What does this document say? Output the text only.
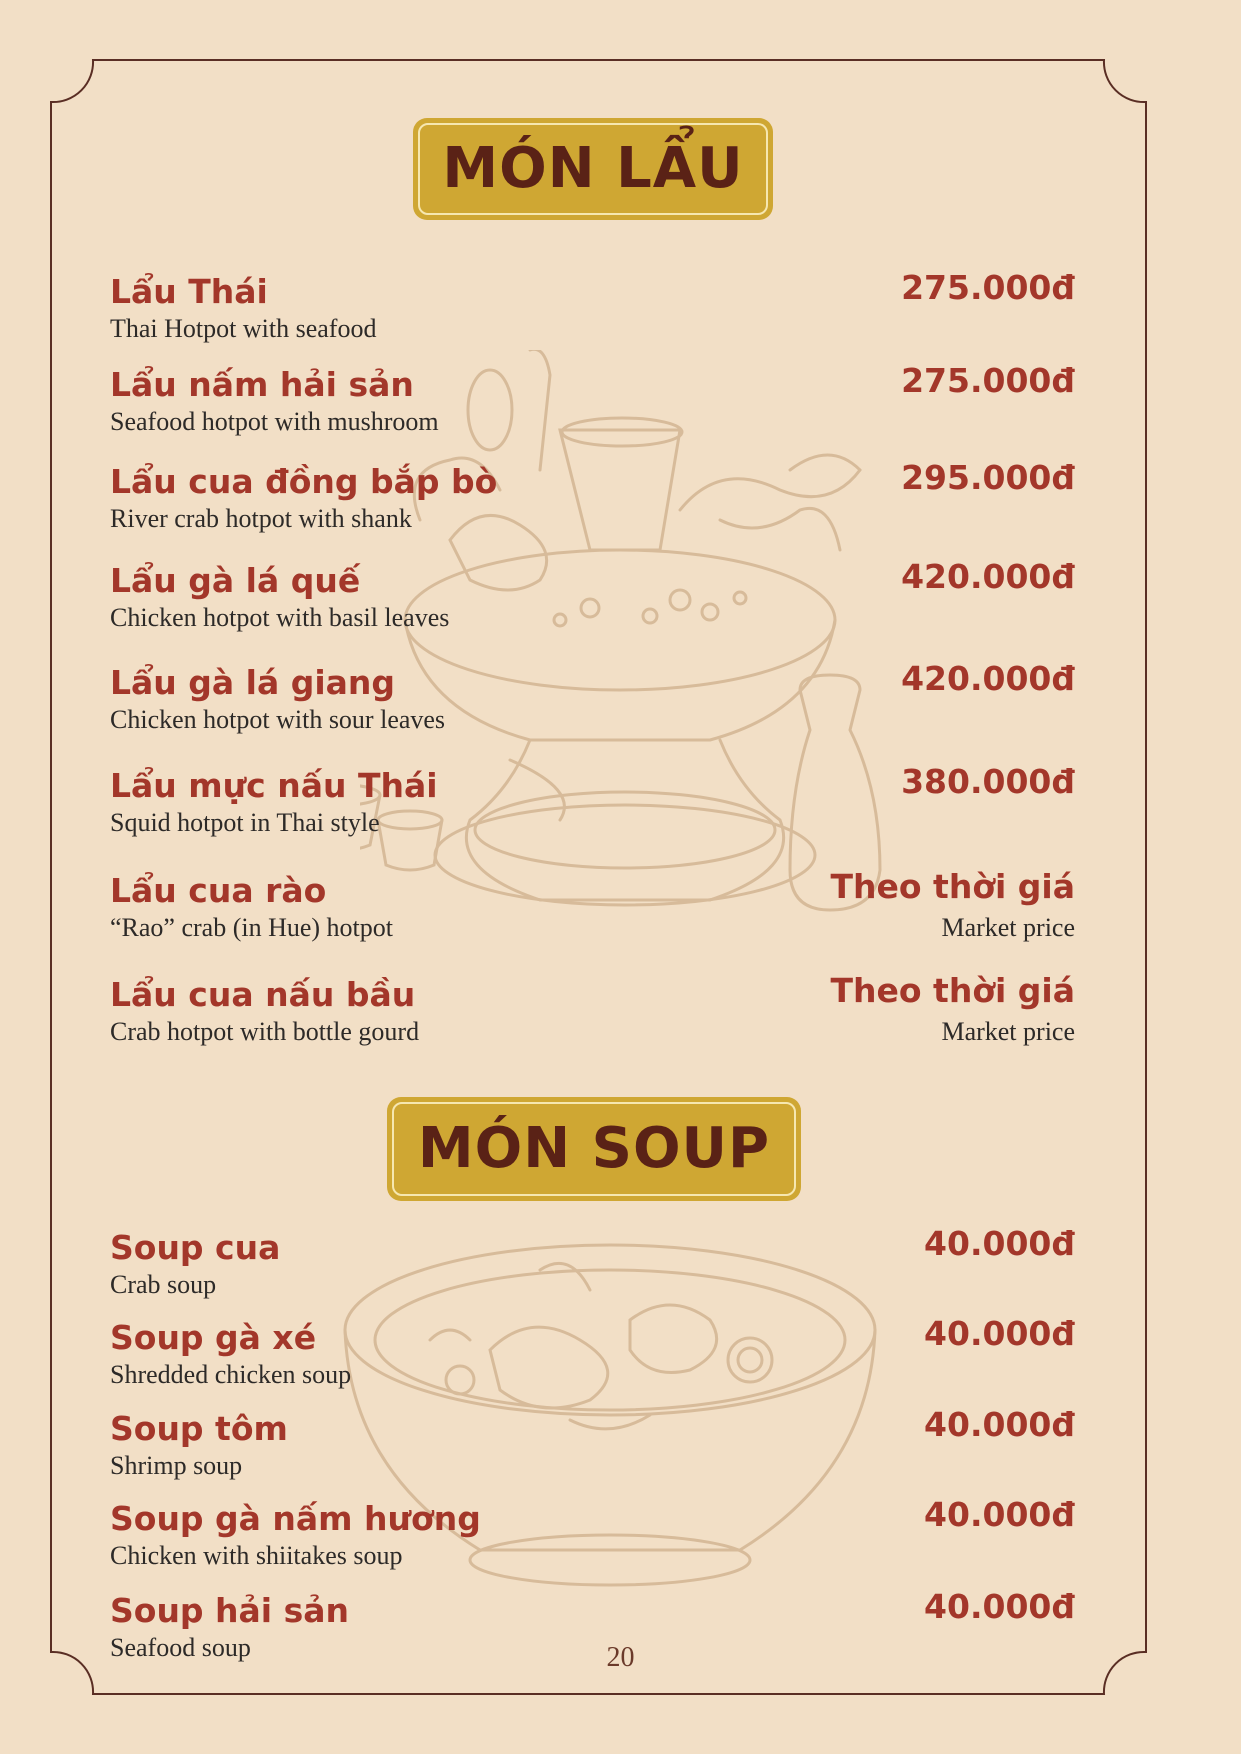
MÓN LẨU
Lẩu Thái
Thai Hotpot with seafood
275.000đ
Lẩu nấm hải sản
Seafood hotpot with mushroom
275.000đ
Lẩu cua đồng bắp bò
River crab hotpot with shank
295.000đ
Lẩu gà lá quế
Chicken hotpot with basil leaves
420.000đ
Lẩu gà lá giang
Chicken hotpot with sour leaves
420.000đ
Lẩu mực nấu Thái
Squid hotpot in Thai style
380.000đ
Lẩu cua rào
“Rao” crab (in Hue) hotpot
Theo thời giá
Market price
Lẩu cua nấu bầu
Crab hotpot with bottle gourd
Theo thời giá
Market price
MÓN SOUP
Soup cua
Crab soup
40.000đ
Soup gà xé
Shredded chicken soup
40.000đ
Soup tôm
Shrimp soup
40.000đ
Soup gà nấm hương
Chicken with shiitakes soup
40.000đ
Soup hải sản
Seafood soup
40.000đ
20
